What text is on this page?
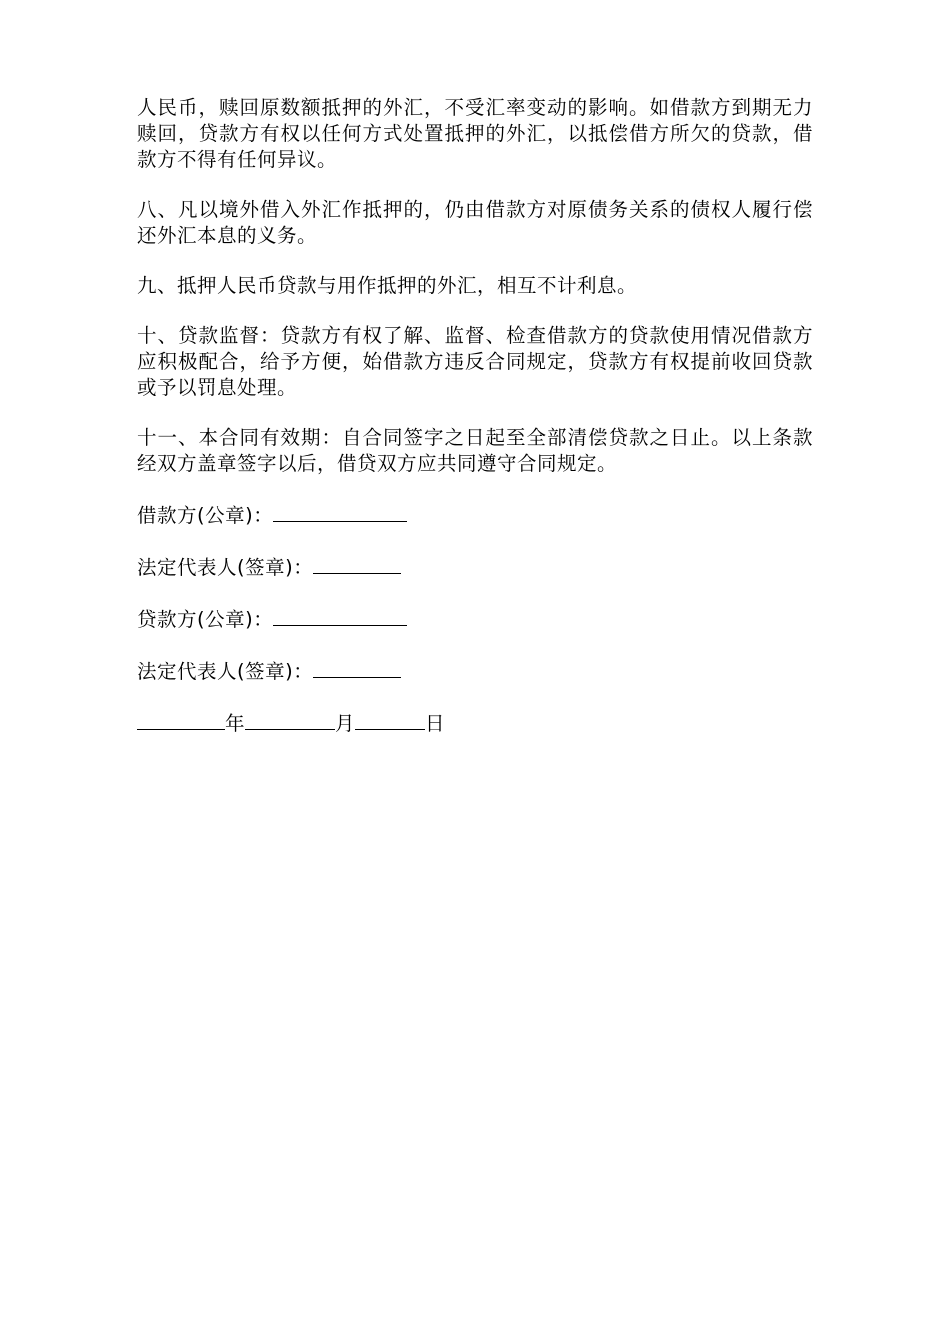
人民币，赎回原数额抵押的外汇，不受汇率变动的影响。如借款方到期无力赎回，贷款方有权以任何方式处置抵押的外汇，以抵偿借方所欠的贷款，借款方不得有任何异议。

八、凡以境外借入外汇作抵押的，仍由借款方对原债务关系的债权人履行偿还外汇本息的义务。

九、抵押人民币贷款与用作抵押的外汇，相互不计利息。

十、贷款监督：贷款方有权了解、监督、检查借款方的贷款使用情况借款方应积极配合，给予方便，始借款方违反合同规定，贷款方有权提前收回贷款或予以罚息处理。

十一、本合同有效期：自合同签字之日起至全部清偿贷款之日止。以上条款经双方盖章签字以后，借贷双方应共同遵守合同规定。

借款方(公章)：
法定代表人(签章)：
贷款方(公章)：
法定代表人(签章)：
年	月	日
